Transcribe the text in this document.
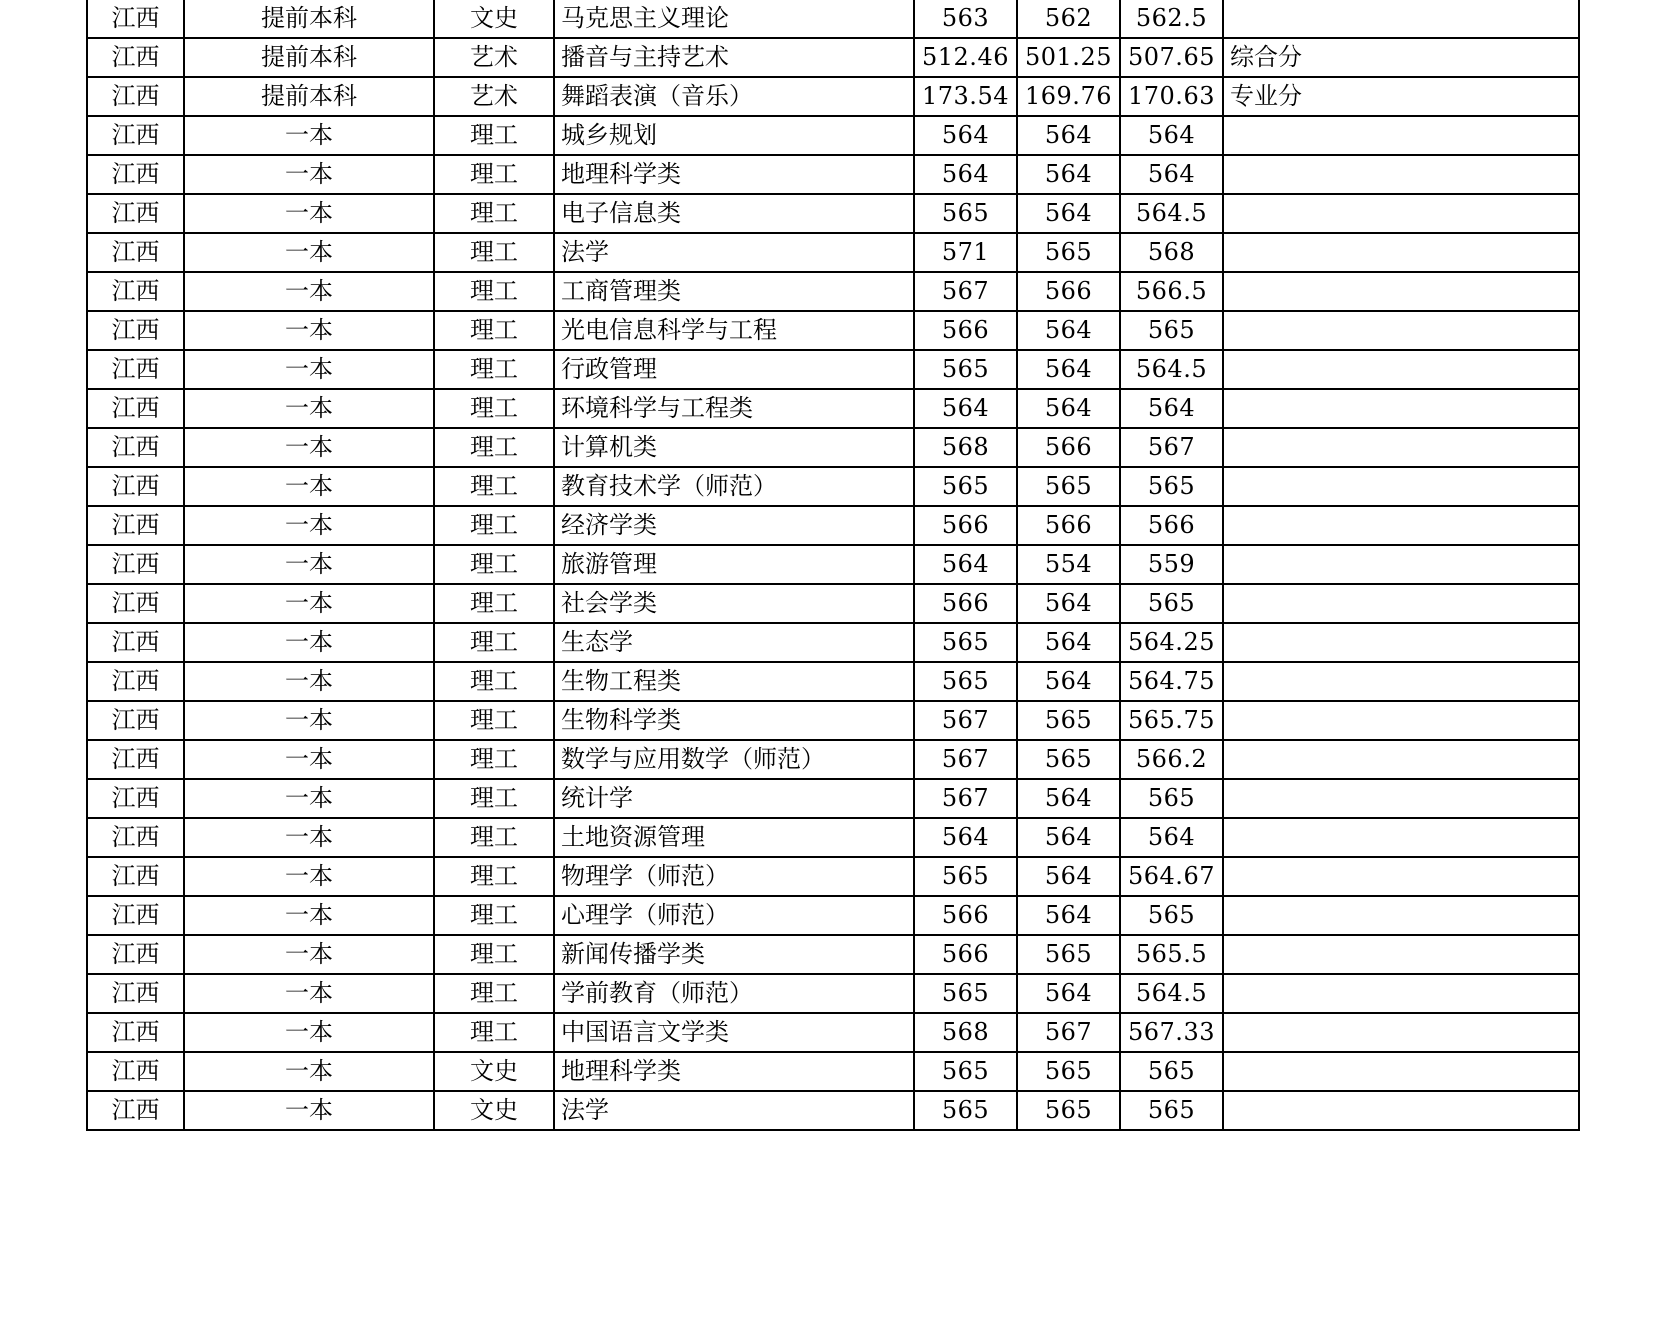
江西	提前本科	文史	马克思主义理论	563	562	562.5	
江西	提前本科	艺术	播音与主持艺术	512.46	501.25	507.65	综合分
江西	提前本科	艺术	舞蹈表演（音乐）	173.54	169.76	170.63	专业分
江西	一本	理工	城乡规划	564	564	564	
江西	一本	理工	地理科学类	564	564	564	
江西	一本	理工	电子信息类	565	564	564.5	
江西	一本	理工	法学	571	565	568	
江西	一本	理工	工商管理类	567	566	566.5	
江西	一本	理工	光电信息科学与工程	566	564	565	
江西	一本	理工	行政管理	565	564	564.5	
江西	一本	理工	环境科学与工程类	564	564	564	
江西	一本	理工	计算机类	568	566	567	
江西	一本	理工	教育技术学（师范）	565	565	565	
江西	一本	理工	经济学类	566	566	566	
江西	一本	理工	旅游管理	564	554	559	
江西	一本	理工	社会学类	566	564	565	
江西	一本	理工	生态学	565	564	564.25	
江西	一本	理工	生物工程类	565	564	564.75	
江西	一本	理工	生物科学类	567	565	565.75	
江西	一本	理工	数学与应用数学（师范）	567	565	566.2	
江西	一本	理工	统计学	567	564	565	
江西	一本	理工	土地资源管理	564	564	564	
江西	一本	理工	物理学（师范）	565	564	564.67	
江西	一本	理工	心理学（师范）	566	564	565	
江西	一本	理工	新闻传播学类	566	565	565.5	
江西	一本	理工	学前教育（师范）	565	564	564.5	
江西	一本	理工	中国语言文学类	568	567	567.33	
江西	一本	文史	地理科学类	565	565	565	
江西	一本	文史	法学	565	565	565	
